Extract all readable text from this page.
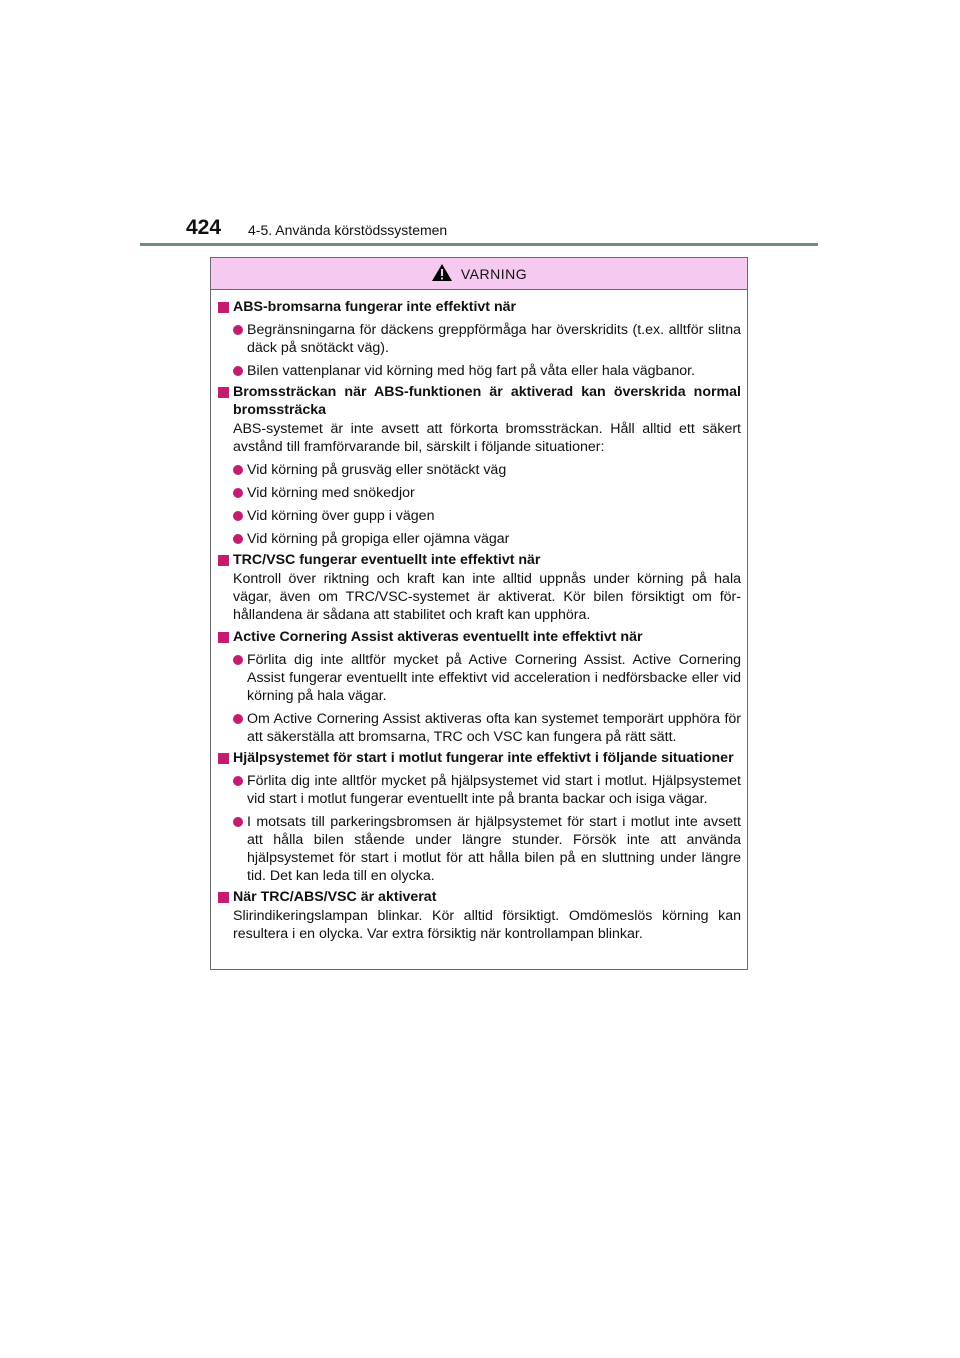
424 4-5. Använda körstödssystemen
VARNING
ABS-bromsarna fungerar inte effektivt när
Begränsningarna för däckens greppförmåga har överskridits (t.ex. alltför slitna däck på snötäckt väg).
Bilen vattenplanar vid körning med hög fart på våta eller hala vägbanor.
Bromssträckan när ABS-funktionen är aktiverad kan överskrida normal bromssträcka
ABS-systemet är inte avsett att förkorta bromssträckan. Håll alltid ett säkert avstånd till framförvarande bil, särskilt i följande situationer:
Vid körning på grusväg eller snötäckt väg
Vid körning med snökedjor
Vid körning över gupp i vägen
Vid körning på gropiga eller ojämna vägar
TRC/VSC fungerar eventuellt inte effektivt när
Kontroll över riktning och kraft kan inte alltid uppnås under körning på hala vägar, även om TRC/VSC-systemet är aktiverat. Kör bilen försiktigt om förhållandena är sådana att stabilitet och kraft kan upphöra.
Active Cornering Assist aktiveras eventuellt inte effektivt när
Förlita dig inte alltför mycket på Active Cornering Assist. Active Cornering Assist fungerar eventuellt inte effektivt vid acceleration i nedförsbacke eller vid körning på hala vägar.
Om Active Cornering Assist aktiveras ofta kan systemet temporärt upphöra för att säkerställa att bromsarna, TRC och VSC kan fungera på rätt sätt.
Hjälpsystemet för start i motlut fungerar inte effektivt i följande situationer
Förlita dig inte alltför mycket på hjälpsystemet vid start i motlut. Hjälpsystemet vid start i motlut fungerar eventuellt inte på branta backar och isiga vägar.
I motsats till parkeringsbromsen är hjälpsystemet för start i motlut inte avsett att hålla bilen stående under längre stunder. Försök inte att använda hjälpsystemet för start i motlut för att hålla bilen på en sluttning under längre tid. Det kan leda till en olycka.
När TRC/ABS/VSC är aktiverat
Slirindikeringslampan blinkar. Kör alltid försiktigt. Omdömeslös körning kan resultera i en olycka. Var extra försiktig när kontrollampan blinkar.
